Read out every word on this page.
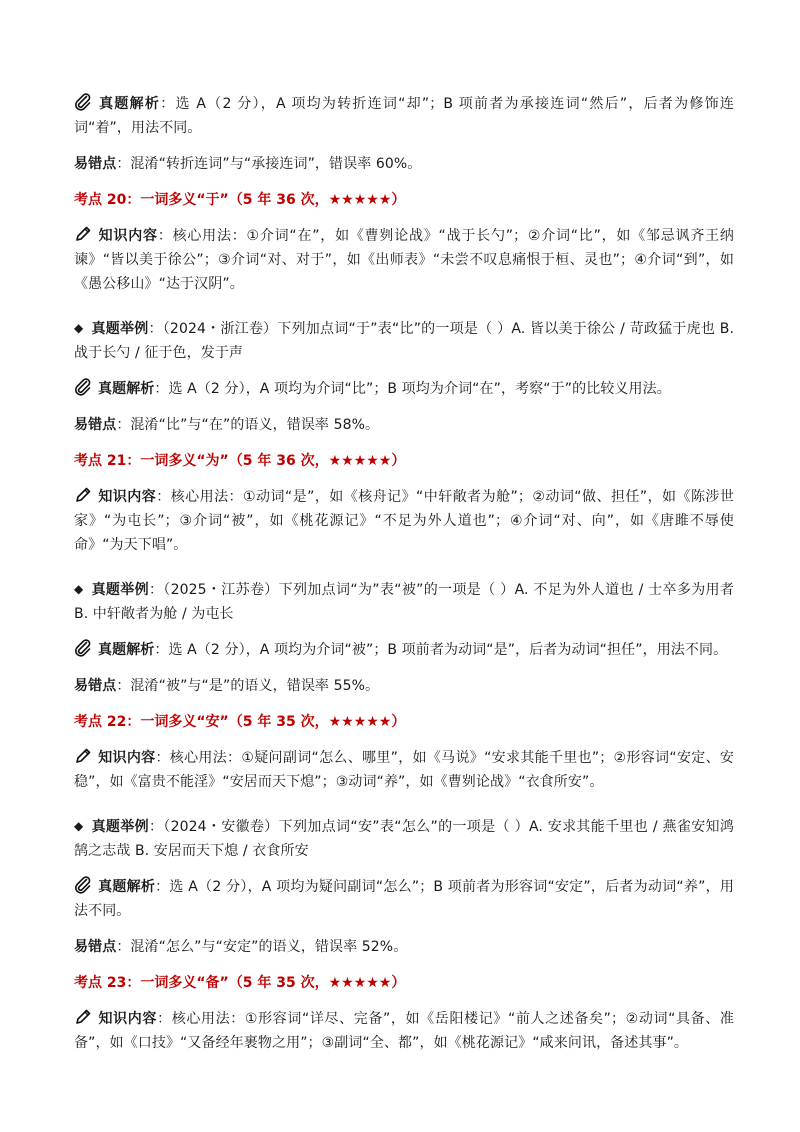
真题解析：选 A（2 分），A 项均为转折连词“却”；B 项前者为承接连词“然后”，后者为修饰连词“着”，用法不同。

易错点：混淆“转折连词”与“承接连词”，错误率 60%。

考点 20：一词多义“于”（5 年 36 次，★★★★★）

知识内容：核心用法：①介词“在”，如《曹刿论战》“战于长勺”；②介词“比”，如《邹忌讽齐王纳谏》“皆以美于徐公”；③介词“对、对于”，如《出师表》“未尝不叹息痛恨于桓、灵也”；④介词“到”，如《愚公移山》“达于汉阴”。

◆ 真题举例：（2024・浙江卷）下列加点词“于”表“比”的一项是（ ）A. 皆以美于徐公 / 苛政猛于虎也 B. 战于长勺 / 征于色，发于声

真题解析：选 A（2 分），A 项均为介词“比”；B 项均为介词“在”，考察“于”的比较义用法。

易错点：混淆“比”与“在”的语义，错误率 58%。

考点 21：一词多义“为”（5 年 36 次，★★★★★）

知识内容：核心用法：①动词“是”，如《核舟记》“中轩敞者为舱”；②动词“做、担任”，如《陈涉世家》“为屯长”；③介词“被”，如《桃花源记》“不足为外人道也”；④介词“对、向”，如《唐雎不辱使命》“为天下唱”。

◆ 真题举例：（2025・江苏卷）下列加点词“为”表“被”的一项是（ ）A. 不足为外人道也 / 士卒多为用者 B. 中轩敞者为舱 / 为屯长

真题解析：选 A（2 分），A 项均为介词“被”；B 项前者为动词“是”，后者为动词“担任”，用法不同。

易错点：混淆“被”与“是”的语义，错误率 55%。

考点 22：一词多义“安”（5 年 35 次，★★★★★）

知识内容：核心用法：①疑问副词“怎么、哪里”，如《马说》“安求其能千里也”；②形容词“安定、安稳”，如《富贵不能淫》“安居而天下熄”；③动词“养”，如《曹刿论战》“衣食所安”。

◆ 真题举例：（2024・安徽卷）下列加点词“安”表“怎么”的一项是（ ）A. 安求其能千里也 / 燕雀安知鸿鹄之志哉 B. 安居而天下熄 / 衣食所安

真题解析：选 A（2 分），A 项均为疑问副词“怎么”；B 项前者为形容词“安定”，后者为动词“养”，用法不同。

易错点：混淆“怎么”与“安定”的语义，错误率 52%。

考点 23：一词多义“备”（5 年 35 次，★★★★★）

知识内容：核心用法：①形容词“详尽、完备”，如《岳阳楼记》“前人之述备矣”；②动词“具备、准备”，如《口技》“又备经年裹物之用”；③副词“全、都”，如《桃花源记》“咸来问讯，备述其事”。
